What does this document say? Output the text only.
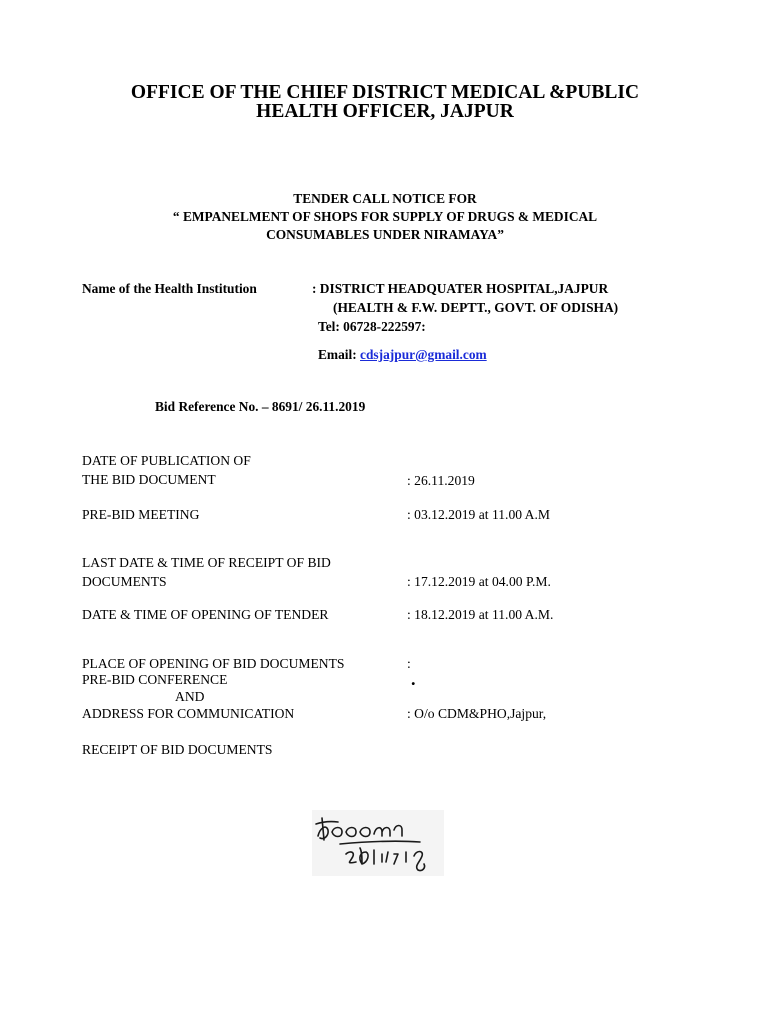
OFFICE OF THE CHIEF DISTRICT MEDICAL &PUBLIC
HEALTH OFFICER, JAJPUR
TENDER CALL NOTICE FOR
“ EMPANELMENT OF SHOPS FOR SUPPLY OF DRUGS & MEDICAL
CONSUMABLES UNDER NIRAMAYA”
Name of the Health Institution	: DISTRICT HEADQUATER HOSPITAL,JAJPUR
(HEALTH & F.W. DEPTT., GOVT. OF ODISHA)
Tel: 06728-222597:
Email: cdsjajpur@gmail.com
Bid Reference No. – 8691/ 26.11.2019
DATE OF PUBLICATION OF
THE BID DOCUMENT	: 26.11.2019
PRE-BID MEETING	: 03.12.2019 at 11.00 A.M
LAST DATE & TIME OF RECEIPT OF BID
DOCUMENTS	: 17.12.2019 at 04.00 P.M.
DATE & TIME OF OPENING OF TENDER	: 18.12.2019 at 11.00 A.M.
PLACE OF OPENING OF BID DOCUMENTS	:
.
PRE-BID CONFERENCE
AND
ADDRESS FOR COMMUNICATION	: O/o CDM&PHO,Jajpur,
RECEIPT OF BID DOCUMENTS
